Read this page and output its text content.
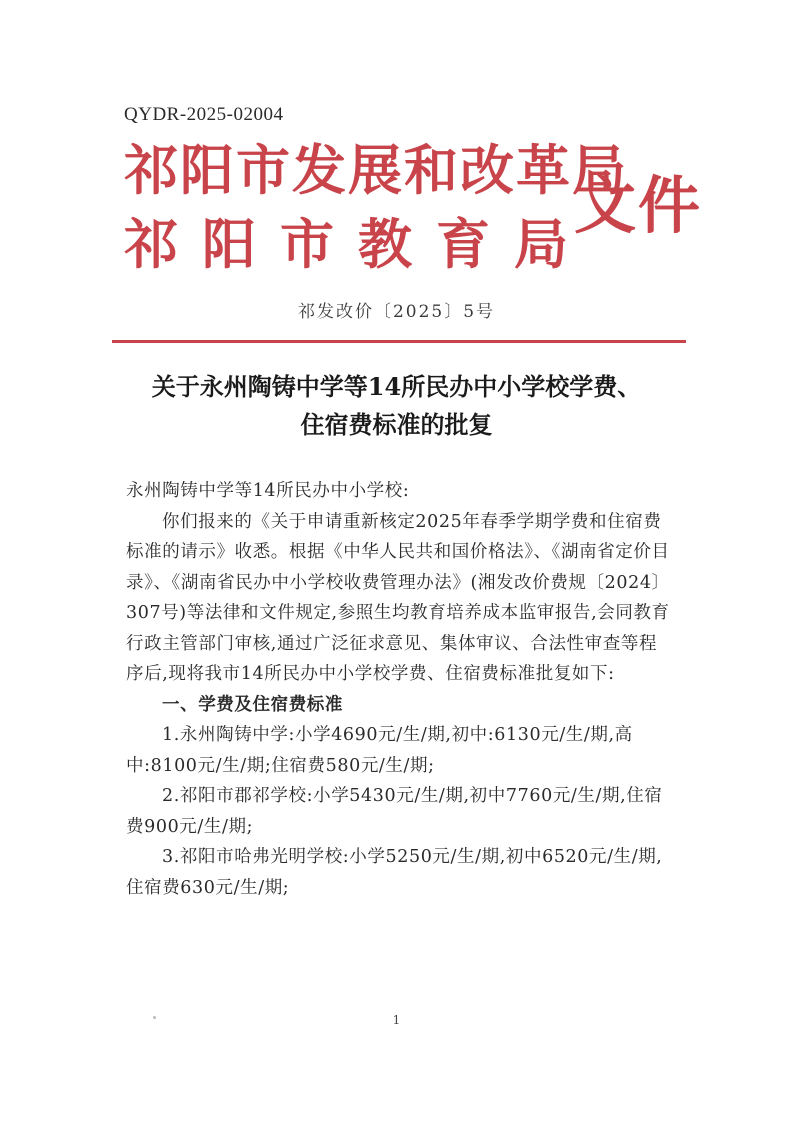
QYDR-2025-02004
祁阳市发展和改革局
祁阳市教育局
文件
祁发改价〔2025〕5号
关于永州陶铸中学等14所民办中小学校学费、
住宿费标准的批复

永州陶铸中学等14所民办中小学校:

你们报来的《关于申请重新核定2025年春季学期学费和住宿费标准的请示》收悉。根据《中华人民共和国价格法》、《湖南省定价目录》、《湖南省民办中小学校收费管理办法》(湘发改价费规〔2024〕307号)等法律和文件规定,参照生均教育培养成本监审报告,会同教育行政主管部门审核,通过广泛征求意见、集体审议、合法性审查等程序后,现将我市14所民办中小学校学费、住宿费标准批复如下:

一、学费及住宿费标准

1.永州陶铸中学:小学4690元/生/期,初中:6130元/生/期,高中:8100元/生/期;住宿费580元/生/期;

2.祁阳市郡祁学校:小学5430元/生/期,初中7760元/生/期,住宿费900元/生/期;

3.祁阳市哈弗光明学校:小学5250元/生/期,初中6520元/生/期,住宿费630元/生/期;

1
